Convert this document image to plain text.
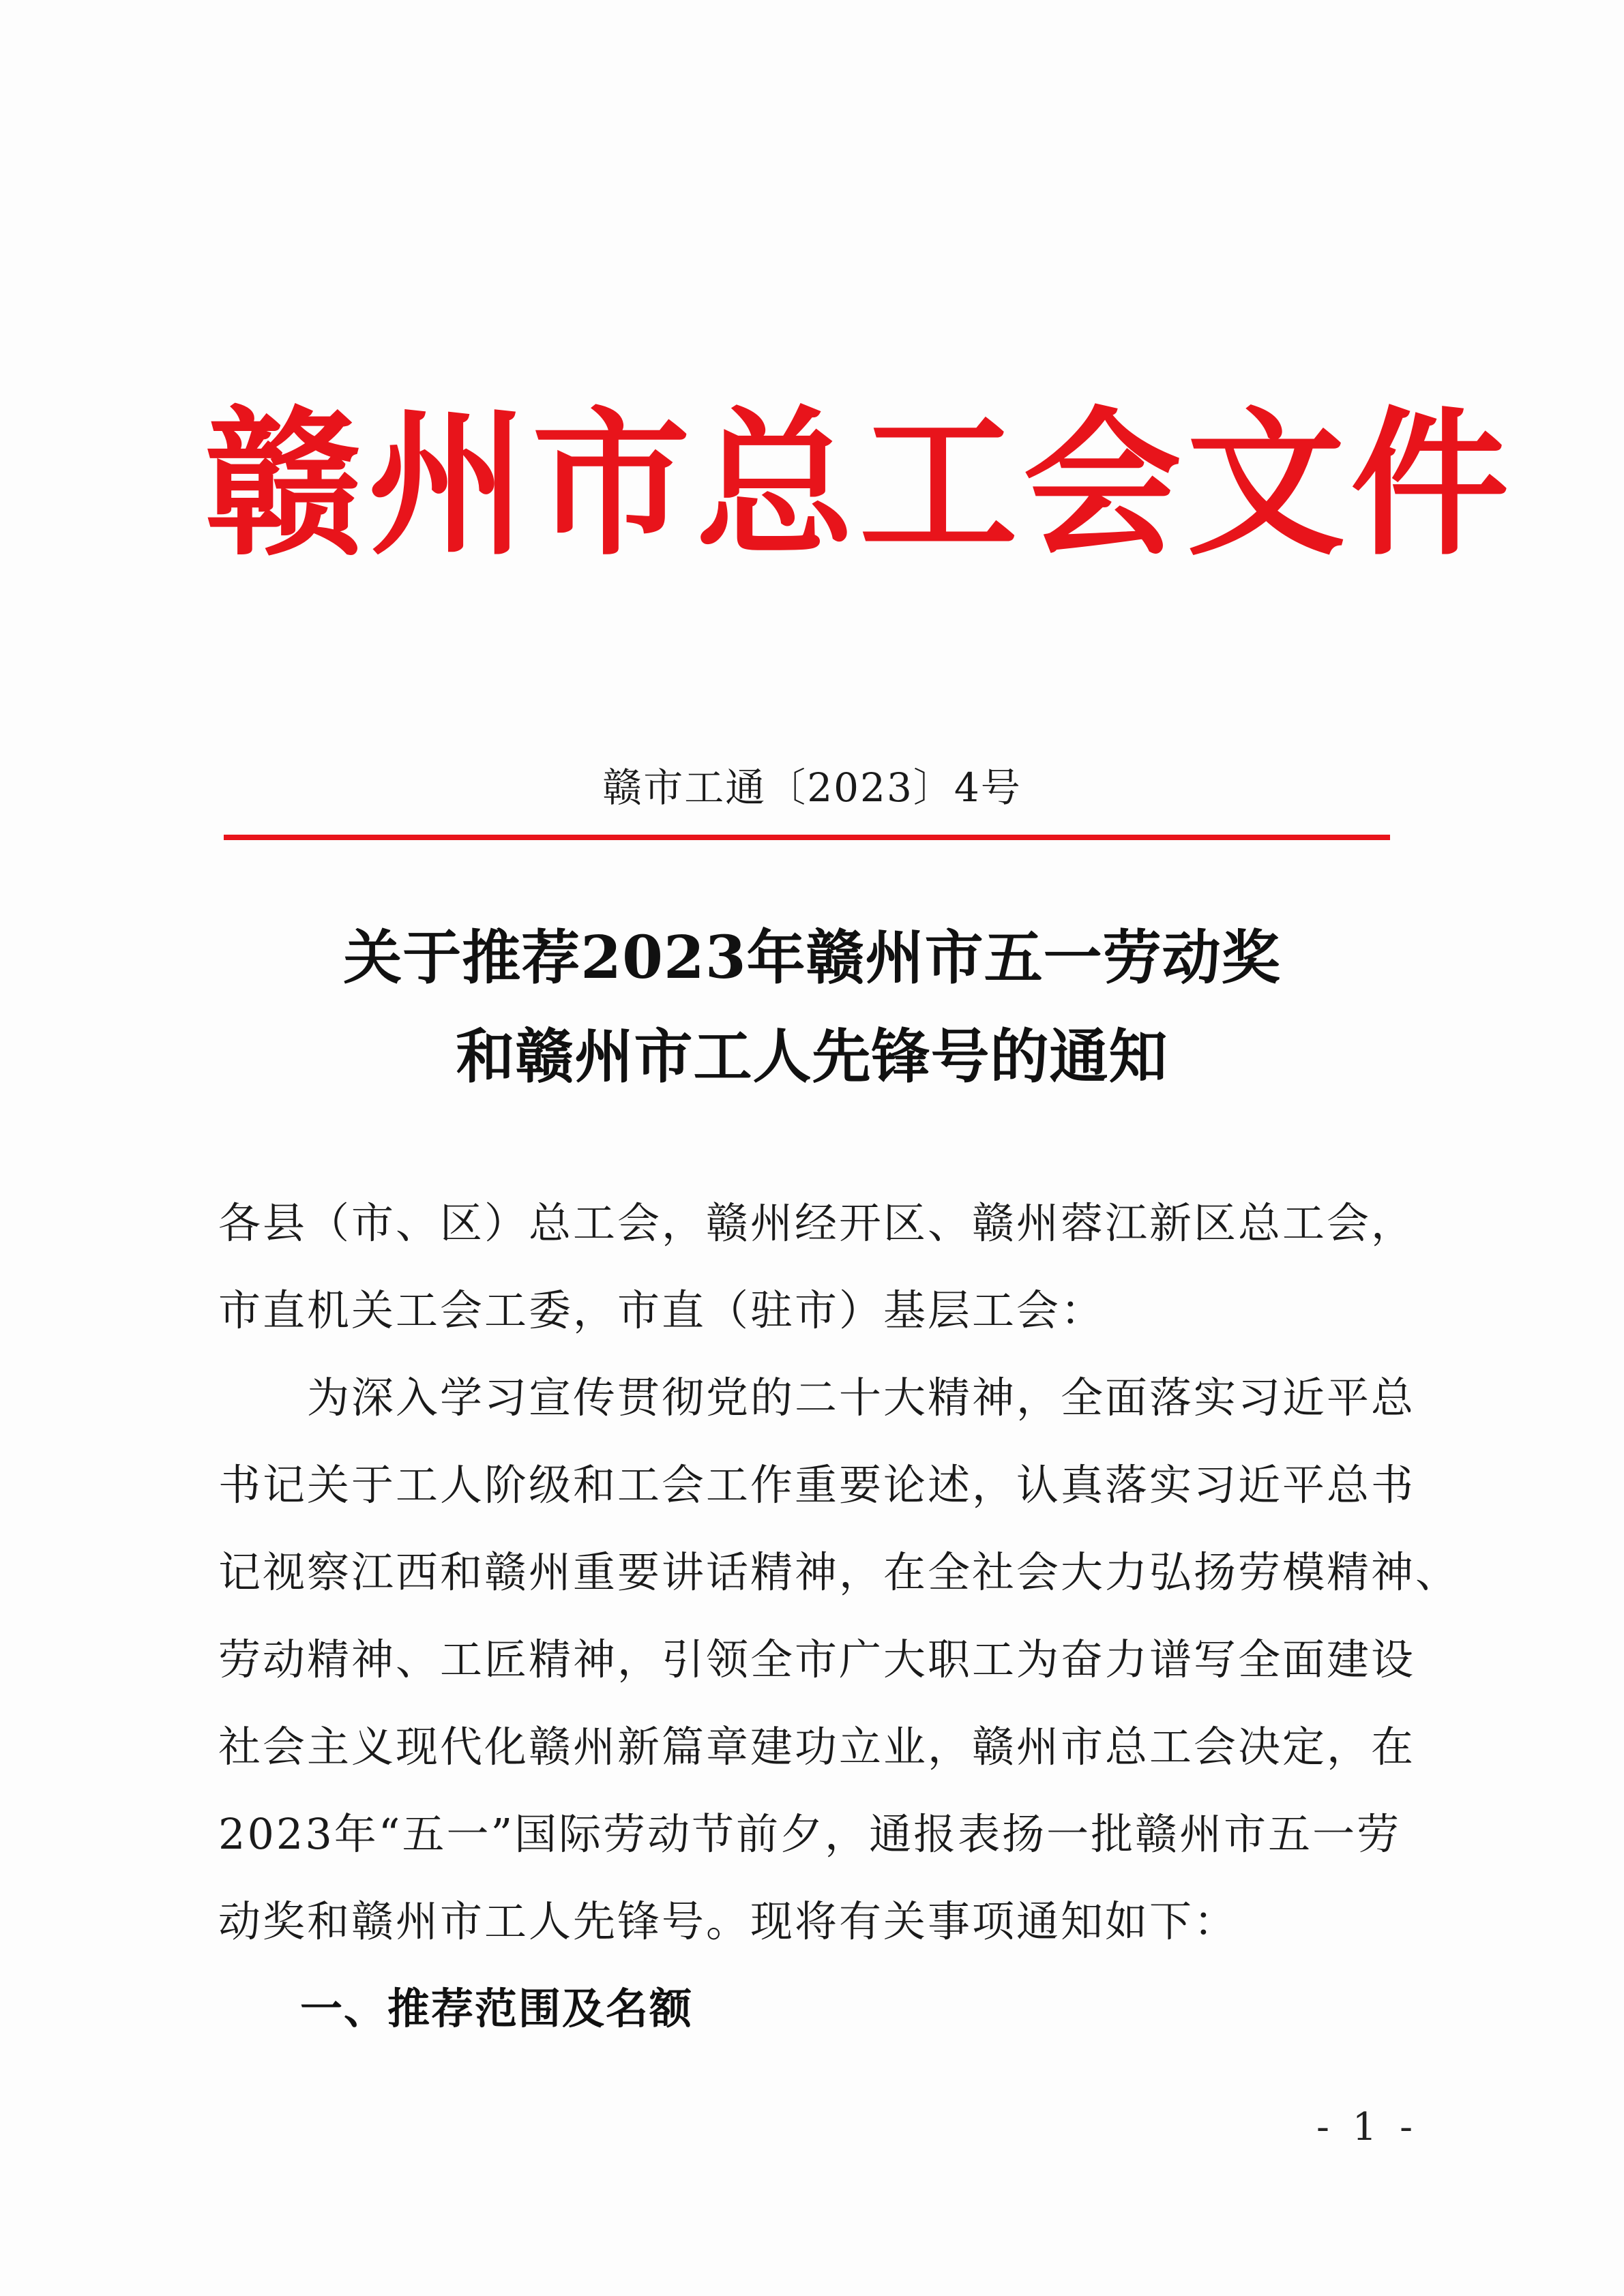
赣州市总工会文件
赣市工通〔2023〕4号
关于推荐2023年赣州市五一劳动奖
和赣州市工人先锋号的通知
各县（市、区）总工会，赣州经开区、赣州蓉江新区总工会，
市直机关工会工委，市直（驻市）基层工会：
　　为深入学习宣传贯彻党的二十大精神，全面落实习近平总
书记关于工人阶级和工会工作重要论述，认真落实习近平总书
记视察江西和赣州重要讲话精神，在全社会大力弘扬劳模精神、
劳动精神、工匠精神，引领全市广大职工为奋力谱写全面建设
社会主义现代化赣州新篇章建功立业，赣州市总工会决定，在
2023年“五一”国际劳动节前夕，通报表扬一批赣州市五一劳
动奖和赣州市工人先锋号。现将有关事项通知如下：
一、推荐范围及名额
- 1 -
